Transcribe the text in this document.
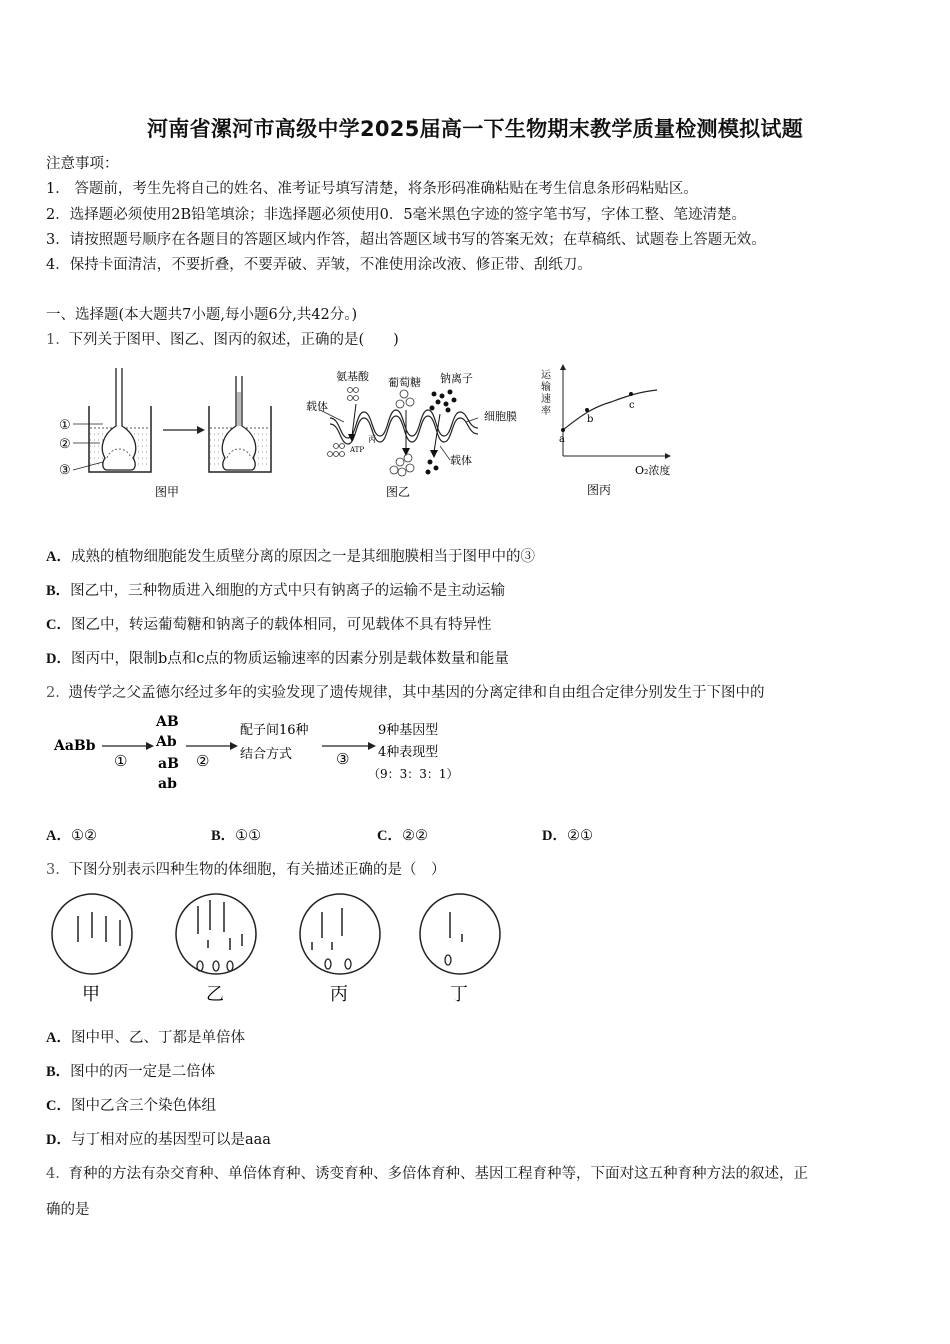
河南省漯河市高级中学2025届高一下生物期末教学质量检测模拟试题
注意事项：
1． 答题前，考生先将自己的姓名、准考证号填写清楚，将条形码准确粘贴在考生信息条形码粘贴区。
2．选择题必须使用2B铅笔填涂；非选择题必须使用0．5毫米黑色字迹的签字笔书写，字体工整、笔迹清楚。
3．请按照题号顺序在各题目的答题区域内作答，超出答题区域书写的答案无效；在草稿纸、试题卷上答题无效。
4．保持卡面清洁，不要折叠，不要弄破、弄皱，不准使用涂改液、修正带、刮纸刀。
一、选择题(本大题共7小题,每小题6分,共42分。)
1. 下列关于图甲、图乙、图丙的叙述，正确的是(　　)
①
②
③
图甲
氨基酸 葡萄糖 钠离子
载体
细胞膜
载体
ATP
丙
图乙
运
输
速
率
a
b
c
O₂浓度
图丙
A．成熟的植物细胞能发生质壁分离的原因之一是其细胞膜相当于图甲中的③
B．图乙中，三种物质进入细胞的方式中只有钠离子的运输不是主动运输
C．图乙中，转运葡萄糖和钠离子的载体相同，可见载体不具有特异性
D．图丙中，限制b点和c点的物质运输速率的因素分别是载体数量和能量
2. 遗传学之父孟德尔经过多年的实验发现了遗传规律，其中基因的分离定律和自由组合定律分别发生于下图中的
AaBb
①
AB
Ab
aB
ab
②
配子间16种
结合方式	③
9种基因型
4种表现型
（9：3：3：1）
A．①②	B．①①	C．②②	D．②①
3. 下图分别表示四种生物的体细胞，有关描述正确的是（　）
甲	乙	丙	丁
A．图中甲、乙、丁都是单倍体
B．图中的丙一定是二倍体
C．图中乙含三个染色体组
D．与丁相对应的基因型可以是aaa
4. 育种的方法有杂交育种、单倍体育种、诱变育种、多倍体育种、基因工程育种等，下面对这五种育种方法的叙述，正
确的是
